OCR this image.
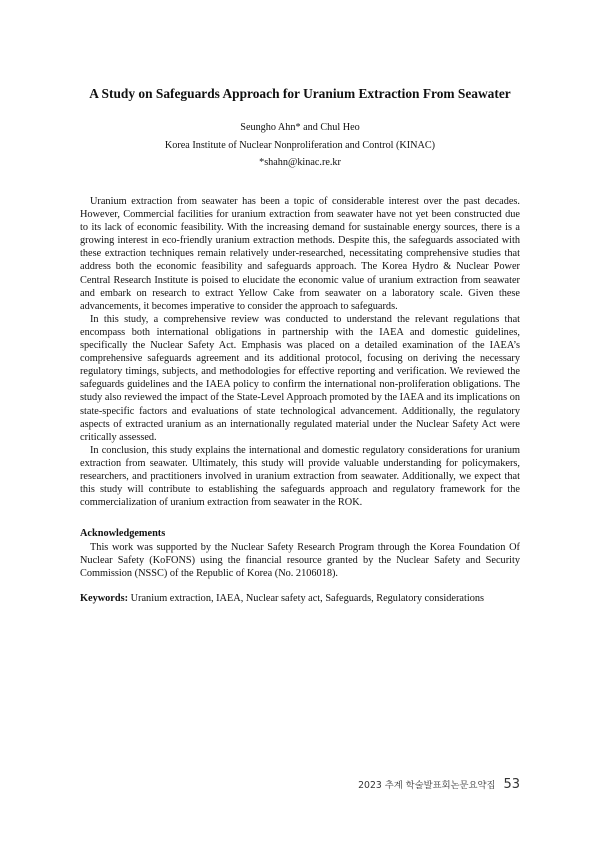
A Study on Safeguards Approach for Uranium Extraction From Seawater
Seungho Ahn* and Chul Heo
Korea Institute of Nuclear Nonproliferation and Control (KINAC)
*shahn@kinac.re.kr

Uranium extraction from seawater has been a topic of considerable interest over the past decades. However, Commercial facilities for uranium extraction from seawater have not yet been constructed due to its lack of economic feasibility. With the increasing demand for sustainable energy sources, there is a growing interest in eco-friendly uranium extraction methods. Despite this, the safeguards associated with these extraction techniques remain relatively under-researched, necessitating comprehensive studies that address both the economic feasibility and safeguards approach. The Korea Hydro & Nuclear Power Central Research Institute is poised to elucidate the economic value of uranium extraction from seawater and embark on research to extract Yellow Cake from seawater on a laboratory scale. Given these advancements, it becomes imperative to consider the approach to safeguards.

In this study, a comprehensive review was conducted to understand the relevant regulations that encompass both international obligations in partnership with the IAEA and domestic guidelines, specifically the Nuclear Safety Act. Emphasis was placed on a detailed examination of the IAEA’s comprehensive safeguards agreement and its additional protocol, focusing on deriving the necessary regulatory timings, subjects, and methodologies for effective reporting and verification. We reviewed the safeguards guidelines and the IAEA policy to confirm the international non-proliferation obligations. The study also reviewed the impact of the State-Level Approach promoted by the IAEA and its implications on state-specific factors and evaluations of state technological advancement. Additionally, the regulatory aspects of extracted uranium as an internationally regulated material under the Nuclear Safety Act were critically assessed.

In conclusion, this study explains the international and domestic regulatory considerations for uranium extraction from seawater. Ultimately, this study will provide valuable understanding for policymakers, researchers, and practitioners involved in uranium extraction from seawater. Additionally, we expect that this study will contribute to establishing the safeguards approach and regulatory framework for the commercialization of uranium extraction from seawater in the ROK.

Acknowledgements
This work was supported by the Nuclear Safety Research Program through the Korea Foundation Of Nuclear Safety (KoFONS) using the financial resource granted by the Nuclear Safety and Security Commission (NSSC) of the Republic of Korea (No. 2106018).
Keywords: Uranium extraction, IAEA, Nuclear safety act, Safeguards, Regulatory considerations
2023 추계 학술발표회논문요약집 53
